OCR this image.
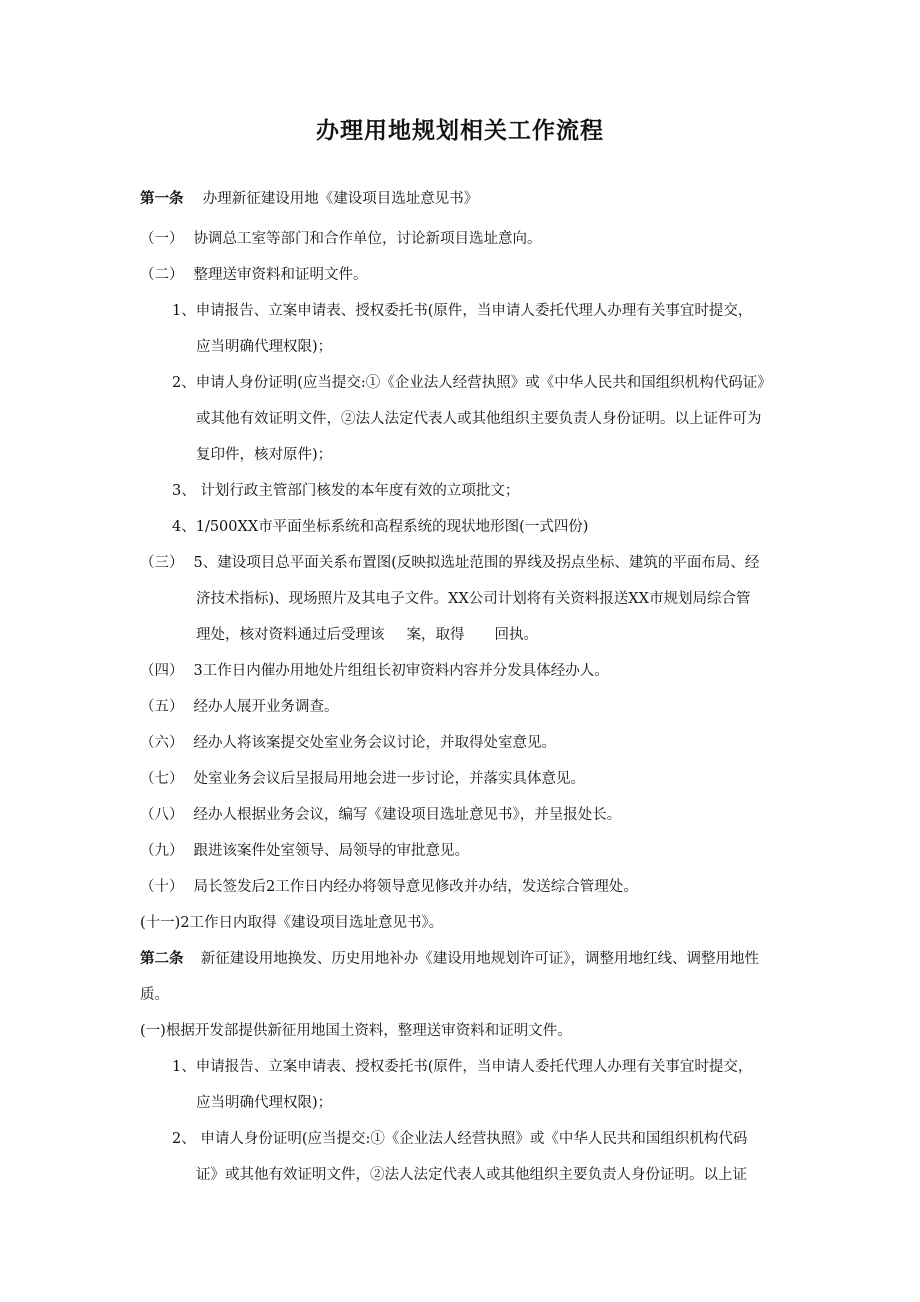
办理用地规划相关工作流程
第一条 办理新征建设用地《建设项目选址意见书》
（一） 协调总工室等部门和合作单位，讨论新项目选址意向。
（二） 整理送审资料和证明文件。
1、申请报告、立案申请表、授权委托书(原件，当申请人委托代理人办理有关事宜时提交，
应当明确代理权限)；
2、申请人身份证明(应当提交:①《企业法人经营执照》或《中华人民共和国组织机构代码证》
或其他有效证明文件，②法人法定代表人或其他组织主要负责人身份证明。以上证件可为
复印件，核对原件)；
3、 计划行政主管部门核发的本年度有效的立项批文；
4、1/500XX市平面坐标系统和高程系统的现状地形图(一式四份)
（三） 5、建设项目总平面关系布置图(反映拟选址范围的界线及拐点坐标、建筑的平面布局、经
济技术指标)、现场照片及其电子文件。XX公司计划将有关资料报送XX市规划局综合管
理处，核对资料通过后受理该 案，取得 回执。
（四） 3工作日内催办用地处片组组长初审资料内容并分发具体经办人。
（五） 经办人展开业务调查。
（六） 经办人将该案提交处室业务会议讨论，并取得处室意见。
（七） 处室业务会议后呈报局用地会进一步讨论，并落实具体意见。
（八） 经办人根据业务会议，编写《建设项目选址意见书》，并呈报处长。
（九） 跟进该案件处室领导、局领导的审批意见。
（十） 局长签发后2工作日内经办将领导意见修改并办结，发送综合管理处。
(十一)2工作日内取得《建设项目选址意见书》。
第二条 新征建设用地换发、历史用地补办《建设用地规划许可证》，调整用地红线、调整用地性
质。
(一)根据开发部提供新征用地国土资料，整理送审资料和证明文件。
1、申请报告、立案申请表、授权委托书(原件，当申请人委托代理人办理有关事宜时提交，
应当明确代理权限)；
2、 申请人身份证明(应当提交:①《企业法人经营执照》或《中华人民共和国组织机构代码
证》或其他有效证明文件，②法人法定代表人或其他组织主要负责人身份证明。以上证
